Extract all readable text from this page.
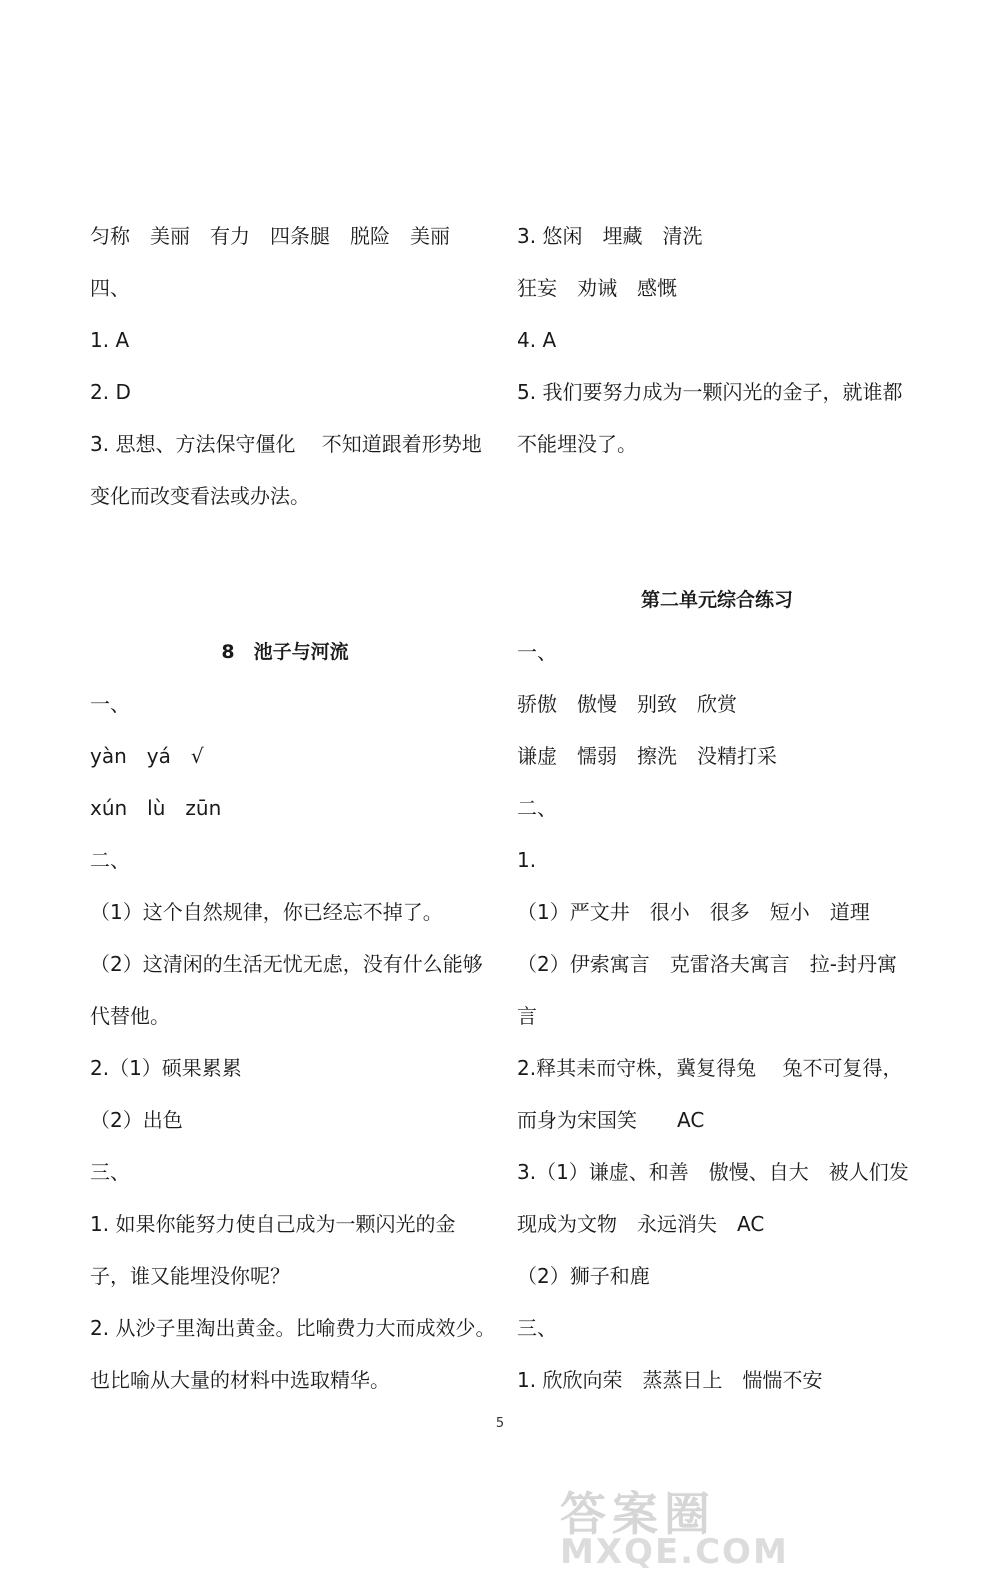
匀称　美丽　有力　四条腿　脱险　美丽
四、
1. A
2. D
3. 思想、方法保守僵化　 不知道跟着形势地
变化而改变看法或办法。
8　池子与河流
一、
yàn　yá　√
xún　lù　zūn
二、
（1）这个自然规律，你已经忘不掉了。
（2）这清闲的生活无忧无虑，没有什么能够
代替他。
2.（1）硕果累累
（2）出色
三、
1. 如果你能努力使自己成为一颗闪光的金
子，谁又能埋没你呢？
2. 从沙子里淘出黄金。比喻费力大而成效少。
也比喻从大量的材料中选取精华。
3. 悠闲　埋藏　清洗
狂妄　劝诫　感慨
4. A
5. 我们要努力成为一颗闪光的金子，就谁都
不能埋没了。
第二单元综合练习
一、
骄傲　傲慢　别致　欣赏
谦虚　懦弱　擦洗　没精打采
二、
1.
（1）严文井　很小　很多　短小　道理
（2）伊索寓言　克雷洛夫寓言　拉-封丹寓
言
2.释其耒而守株，冀复得兔　 兔不可复得，
而身为宋国笑　　AC
3.（1）谦虚、和善　傲慢、自大　被人们发
现成为文物　永远消失　AC
（2）狮子和鹿
三、
1. 欣欣向荣　蒸蒸日上　惴惴不安
5
答案圈
MXQE.COM
